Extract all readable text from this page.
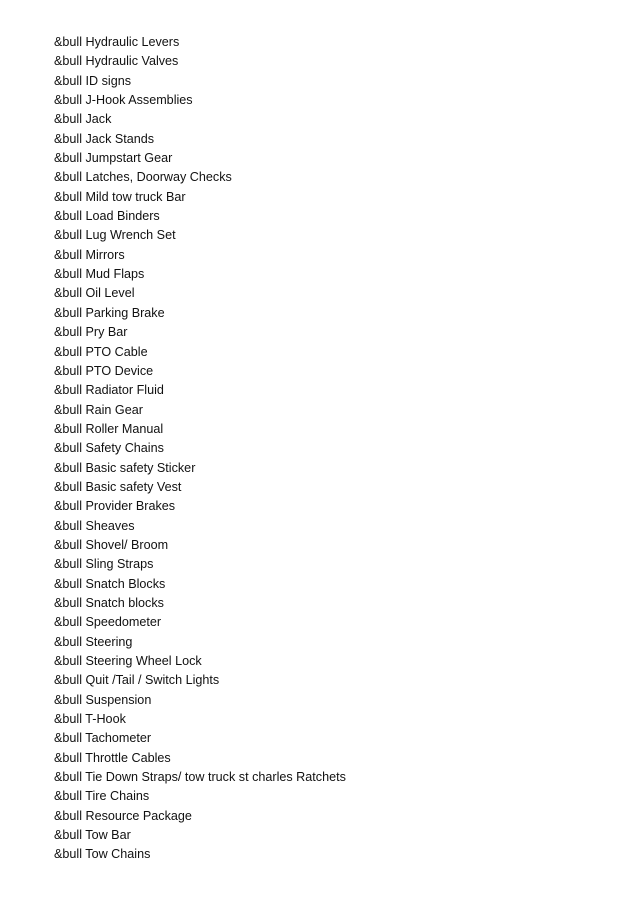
&bull Hydraulic Levers
&bull Hydraulic Valves
&bull ID signs
&bull J-Hook Assemblies
&bull Jack
&bull Jack Stands
&bull Jumpstart Gear
&bull Latches, Doorway Checks
&bull Mild tow truck Bar
&bull Load Binders
&bull Lug Wrench Set
&bull Mirrors
&bull Mud Flaps
&bull Oil Level
&bull Parking Brake
&bull Pry Bar
&bull PTO Cable
&bull PTO Device
&bull Radiator Fluid
&bull Rain Gear
&bull Roller Manual
&bull Safety Chains
&bull Basic safety Sticker
&bull Basic safety Vest
&bull Provider Brakes
&bull Sheaves
&bull Shovel/ Broom
&bull Sling Straps
&bull Snatch Blocks
&bull Snatch blocks
&bull Speedometer
&bull Steering
&bull Steering Wheel Lock
&bull Quit /Tail / Switch Lights
&bull Suspension
&bull T-Hook
&bull Tachometer
&bull Throttle Cables
&bull Tie Down Straps/ tow truck st charles Ratchets
&bull Tire Chains
&bull Resource Package
&bull Tow Bar
&bull Tow Chains
